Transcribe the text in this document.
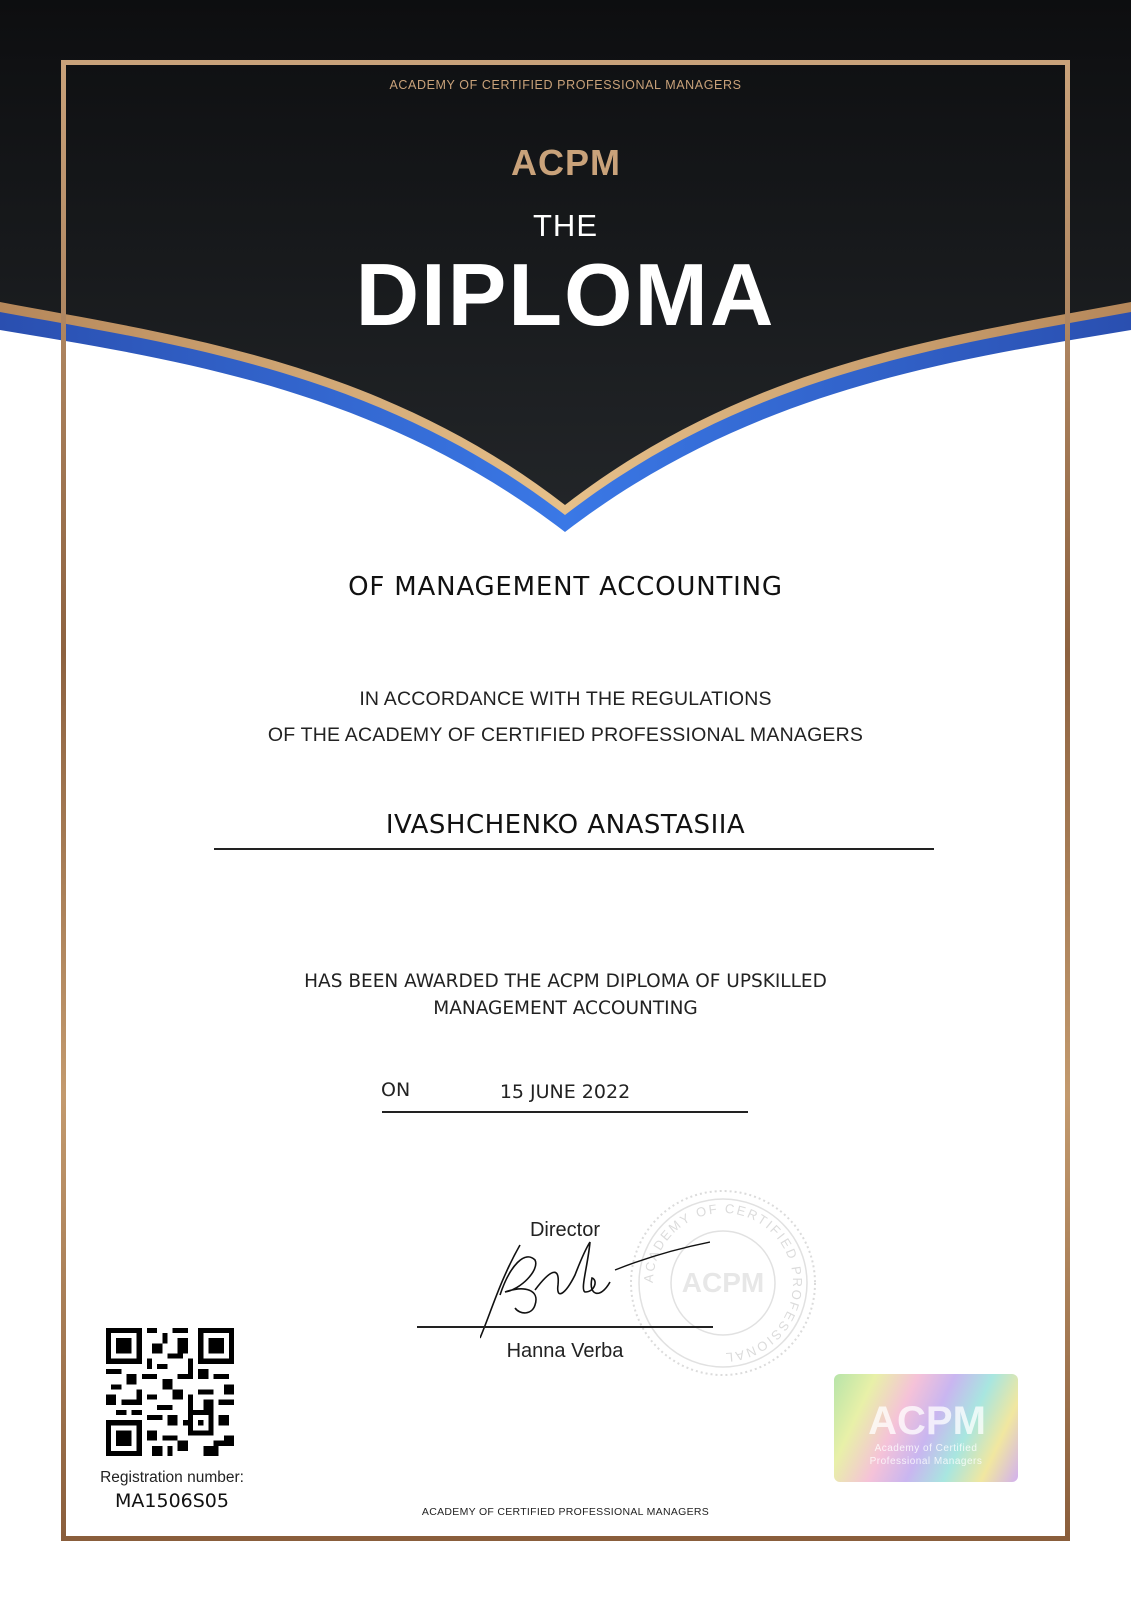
ACADEMY OF CERTIFIED PROFESSIONAL MANAGERS
ACPM
THE
DIPLOMA
OF MANAGEMENT ACCOUNTING
IN ACCORDANCE WITH THE REGULATIONS
OF THE ACADEMY OF CERTIFIED PROFESSIONAL MANAGERS
IVASHCHENKO ANASTASIIA
HAS BEEN AWARDED THE ACPM DIPLOMA OF UPSKILLED
MANAGEMENT ACCOUNTING
ON	15 JUNE 2022
ACADEMY OF CERTIFIED PROFESSIONAL
ACPM
Director
Hanna Verba
Registration number:
MA1506S05
ACPM
Academy of Certified
Professional Managers
ACADEMY OF CERTIFIED PROFESSIONAL MANAGERS
